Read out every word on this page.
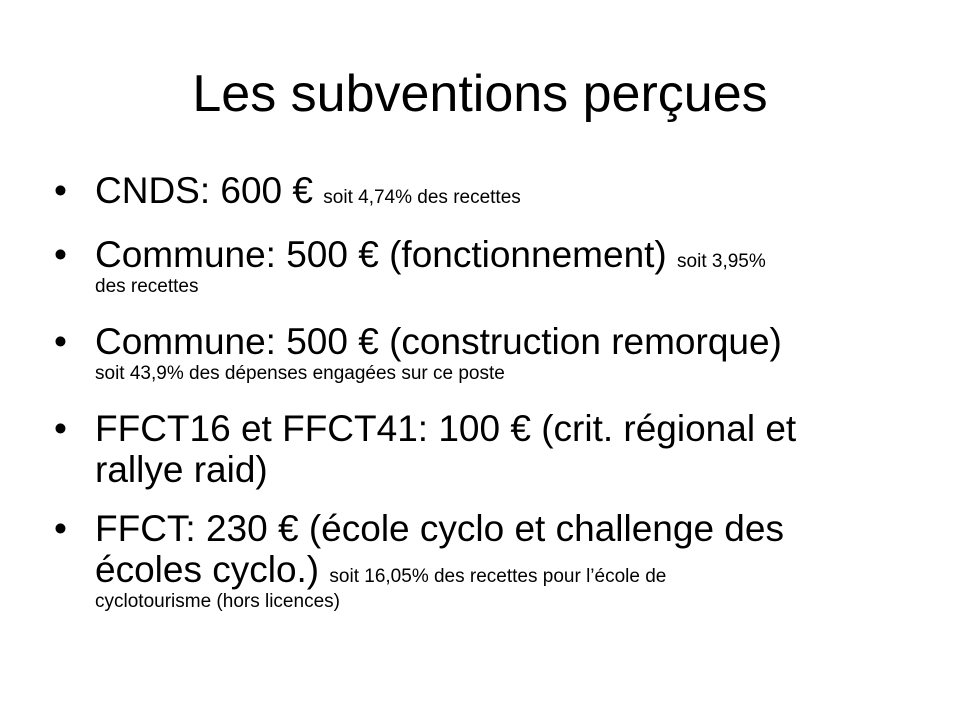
Les subventions perçues
• CNDS: 600 € soit 4,74% des recettes
• Commune: 500 € (fonctionnement) soit 3,95%
des recettes
• Commune: 500 € (construction remorque)
soit 43,9% des dépenses engagées sur ce poste
• FFCT16 et FFCT41: 100 € (crit. régional et
rallye raid)
• FFCT: 230 € (école cyclo et challenge des
écoles cyclo.) soit 16,05% des recettes pour l’école de
cyclotourisme (hors licences)
